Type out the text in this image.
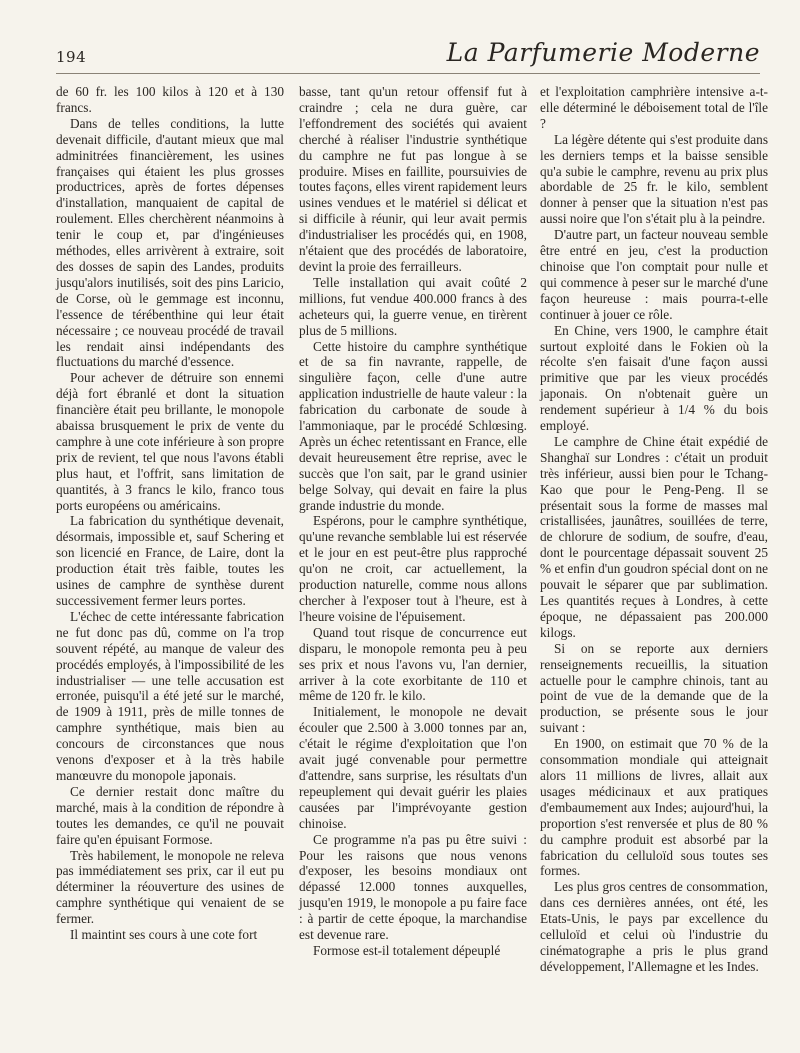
194	La Parfumerie Moderne

de 60 fr. les 100 kilos à 120 et à 130 francs.

Dans de telles conditions, la lutte devenait difficile, d'autant mieux que mal adminitrées financièrement, les usines françaises qui étaient les plus grosses productrices, après de fortes dépenses d'installation, manquaient de capital de roulement. Elles cherchèrent néanmoins à tenir le coup et, par d'ingénieuses méthodes, elles arrivèrent à extraire, soit des dosses de sapin des Landes, produits jusqu'alors inutilisés, soit des pins Laricio, de Corse, où le gemmage est inconnu, l'essence de térébenthine qui leur était nécessaire ; ce nouveau procédé de travail les rendait ainsi indépendants des fluctuations du marché d'essence.

Pour achever de détruire son ennemi déjà fort ébranlé et dont la situation financière était peu brillante, le monopole abaissa brusquement le prix de vente du camphre à une cote inférieure à son propre prix de revient, tel que nous l'avons établi plus haut, et l'offrit, sans limitation de quantités, à 3 francs le kilo, franco tous ports européens ou américains.

La fabrication du synthétique devenait, désormais, impossible et, sauf Schering et son licencié en France, de Laire, dont la production était très faible, toutes les usines de camphre de synthèse durent successivement fermer leurs portes.

L'échec de cette intéressante fabrication ne fut donc pas dû, comme on l'a trop souvent répété, au manque de valeur des procédés employés, à l'impossibilité de les industrialiser — une telle accusation est erronée, puisqu'il a été jeté sur le marché, de 1909 à 1911, près de mille tonnes de camphre synthétique, mais bien au concours de circonstances que nous venons d'exposer et à la très habile manœuvre du monopole japonais.

Ce dernier restait donc maître du marché, mais à la condition de répondre à toutes les demandes, ce qu'il ne pouvait faire qu'en épuisant Formose.

Très habilement, le monopole ne releva pas immédiatement ses prix, car il eut pu déterminer la réouverture des usines de camphre synthétique qui venaient de se fermer.

Il maintint ses cours à une cote fort

basse, tant qu'un retour offensif fut à craindre ; cela ne dura guère, car l'effondrement des sociétés qui avaient cherché à réaliser l'industrie synthétique du camphre ne fut pas longue à se produire. Mises en faillite, poursuivies de toutes façons, elles virent rapidement leurs usines vendues et le matériel si délicat et si difficile à réunir, qui leur avait permis d'industrialiser les procédés qui, en 1908, n'étaient que des procédés de laboratoire, devint la proie des ferrailleurs.

Telle installation qui avait coûté 2 millions, fut vendue 400.000 francs à des acheteurs qui, la guerre venue, en tirèrent plus de 5 millions.

Cette histoire du camphre synthétique et de sa fin navrante, rappelle, de singulière façon, celle d'une autre application industrielle de haute valeur : la fabrication du carbonate de soude à l'ammoniaque, par le procédé Schlœsing. Après un échec retentissant en France, elle devait heureusement être reprise, avec le succès que l'on sait, par le grand usinier belge Solvay, qui devait en faire la plus grande industrie du monde.

Espérons, pour le camphre synthétique, qu'une revanche semblable lui est réservée et le jour en est peut-être plus rapproché qu'on ne croit, car actuellement, la production naturelle, comme nous allons chercher à l'exposer tout à l'heure, est à l'heure voisine de l'épuisement.

Quand tout risque de concurrence eut disparu, le monopole remonta peu à peu ses prix et nous l'avons vu, l'an dernier, arriver à la cote exorbitante de 110 et même de 120 fr. le kilo.

Initialement, le monopole ne devait écouler que 2.500 à 3.000 tonnes par an, c'était le régime d'exploitation que l'on avait jugé convenable pour permettre d'attendre, sans surprise, les résultats d'un repeuplement qui devait guérir les plaies causées par l'imprévoyante gestion chinoise.

Ce programme n'a pas pu être suivi : Pour les raisons que nous venons d'exposer, les besoins mondiaux ont dépassé 12.000 tonnes auxquelles, jusqu'en 1919, le monopole a pu faire face : à partir de cette époque, la marchandise est devenue rare.

Formose est-il totalement dépeuplé

et l'exploitation camphrière intensive a-t-elle déterminé le déboisement total de l'île ?

La légère détente qui s'est produite dans les derniers temps et la baisse sensible qu'a subie le camphre, revenu au prix plus abordable de 25 fr. le kilo, semblent donner à penser que la situation n'est pas aussi noire que l'on s'était plu à la peindre.

D'autre part, un facteur nouveau semble être entré en jeu, c'est la production chinoise que l'on comptait pour nulle et qui commence à peser sur le marché d'une façon heureuse : mais pourra-t-elle continuer à jouer ce rôle.

En Chine, vers 1900, le camphre était surtout exploité dans le Fokien où la récolte s'en faisait d'une façon aussi primitive que par les vieux procédés japonais. On n'obtenait guère un rendement supérieur à 1/4 % du bois employé.

Le camphre de Chine était expédié de Shanghaï sur Londres : c'était un produit très inférieur, aussi bien pour le Tchang-Kao que pour le Peng-Peng. Il se présentait sous la forme de masses mal cristallisées, jaunâtres, souillées de terre, de chlorure de sodium, de soufre, d'eau, dont le pourcentage dépassait souvent 25 % et enfin d'un goudron spécial dont on ne pouvait le séparer que par sublimation. Les quantités reçues à Londres, à cette époque, ne dépassaient pas 200.000 kilogs.

Si on se reporte aux derniers renseignements recueillis, la situation actuelle pour le camphre chinois, tant au point de vue de la demande que de la production, se présente sous le jour suivant :

En 1900, on estimait que 70 % de la consommation mondiale qui atteignait alors 11 millions de livres, allait aux usages médicinaux et aux pratiques d'embaumement aux Indes; aujourd'hui, la proportion s'est renversée et plus de 80 % du camphre produit est absorbé par la fabrication du celluloïd sous toutes ses formes.

Les plus gros centres de consommation, dans ces dernières années, ont été, les Etats-Unis, le pays par excellence du celluloïd et celui où l'industrie du cinématographe a pris le plus grand développement, l'Allemagne et les Indes.
